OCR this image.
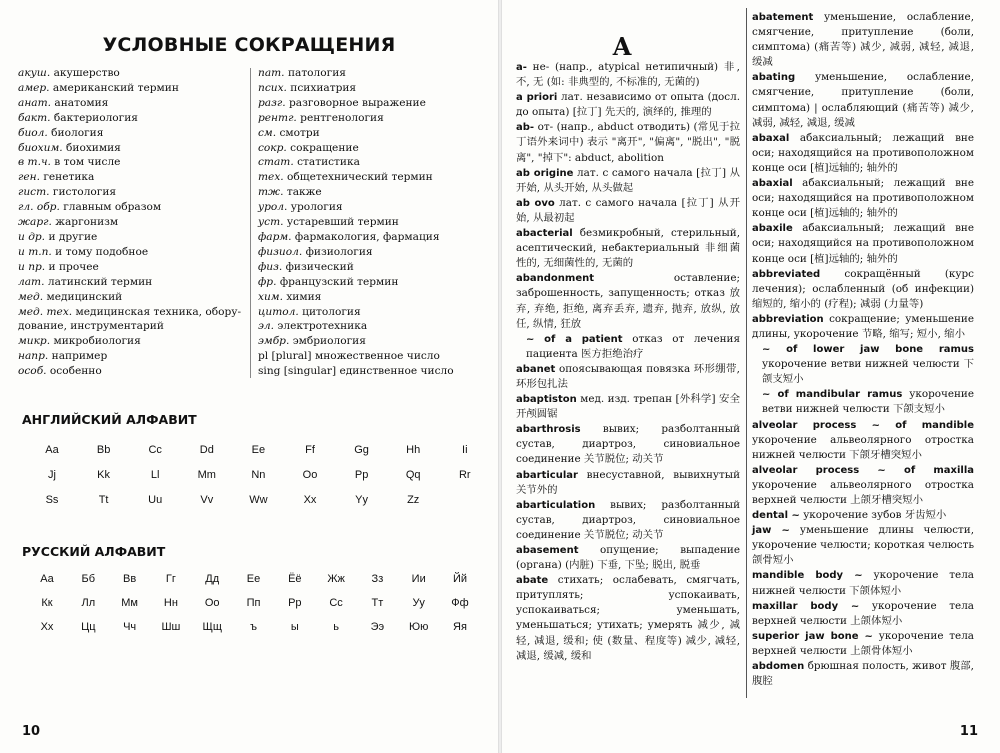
УСЛОВНЫЕ СОКРАЩЕНИЯ
акуш. акушерство
амер. американский термин
анат. анатомия
бакт. бактериология
биол. биология
биохим. биохимия
в т.ч. в том числе
ген. генетика
гист. гистология
гл. обр. главным образом
жарг. жаргонизм
и др. и другие
и т.п. и тому подобное
и пр. и прочее
лат. латинский термин
мед. медицинский
мед. тех. медицинская техника, обору-дование, инструментарий
микр. микробиология
напр. например
особ. особенно
пат. патология
псих. психиатрия
разг. разговорное выражение
рентг. рентгенология
см. смотри
сокр. сокращение
стат. статистика
тех. общетехнический термин
тж. также
урол. урология
уст. устаревший термин
фарм. фармакология, фармация
физиол. физиология
физ. физический
фр. французский термин
хим. химия
цитол. цитология
эл. электротехника
эмбр. эмбриология
pl [plural] множественное число
sing [singular] единственное число
АНГЛИЙСКИЙ АЛФАВИТ
Aa	Bb	Cc	Dd	Ee	Ff	Gg	Hh	Ii
Jj	Kk	Ll	Mm	Nn	Oo	Pp	Qq	Rr
Ss	Tt	Uu	Vv	Ww	Xx	Yy	Zz
РУССКИЙ АЛФАВИТ
Аа	Бб	Вв	Гг	Дд	Ее	Ёё	Жж	Зз	Ии	Йй
Кк	Лл	Мм	Нн	Оо	Пп	Рр	Сс	Тт	Уу	Фф
Хх	Цц	Чч	Шш	Щщ	ъ	ы	ь	Ээ	Юю	Яя
10
A
a- не- (напр., atypical нетипичный) 非, 不, 无 (如: 非典型的, 不标准的, 无菌的)
a priori лат. независимо от опыта (досл. до опыта) [拉丁] 先天的, 演绎的, 推理的
ab- от- (напр., abduct отводить) (常见于拉丁语外来词中) 表示 "离开", "偏离", "脱出", "脱离", "掉下": abduct, abolition
ab origine лат. с самого начала [拉丁] 从开始, 从头开始, 从头做起
ab ovo лат. с самого начала [拉丁] 从开始, 从最初起
abacterial безмикробный, стерильный, асептический, небактериальный 非细菌性的, 无细菌性的, 无菌的
abandonment оставление; заброшенность, запущенность; отказ 放弃, 弃绝, 拒绝, 离弃丢弃, 遗弃, 抛弃, 放纵, 放任, 纵情, 狂放
~ of a patient отказ от лечения пациента 医方拒绝治疗
abanet опоясывающая повязка 环形绷带, 环形包扎法
abaptiston мед. изд. трепан [外科学] 安全开颅圆锯
abarthrosis вывих; разболтанный сустав, диартроз, синовиальное соединение 关节脱位; 动关节
abarticular внесуставной, вывихнутый 关节外的
abarticulation вывих; разболтанный сустав, диартроз, синовиальное соединение 关节脱位; 动关节
abasement опущение; выпадение (органа) (内脏) 下垂, 下坠; 脱出, 脱垂
abate стихать; ослабевать, смягчать, притуплять; успокаивать, успокаиваться; уменьшать, уменьшаться; утихать; умерять 减少, 减轻, 减退, 缓和; 使 (数量、程度等) 减少, 减轻, 减退, 缓减, 缓和
abatement уменьшение, ослабление, смягчение, притупление (боли, симптома) (痛苦等) 减少, 减弱, 减轻, 减退, 缓减
abating уменьшение, ослабление, смягчение, притупление (боли, симптома) | ослабляющий (痛苦等) 减少, 减弱, 减轻, 减退, 缓减
abaxal абаксиальный; лежащий вне оси; находящийся на противоположном конце оси [植]远轴的; 轴外的
abaxial абаксиальный; лежащий вне оси; находящийся на противоположном конце оси [植]远轴的; 轴外的
abaxile абаксиальный; лежащий вне оси; находящийся на противоположном конце оси [植]远轴的; 轴外的
abbreviated сокращённый (курс лечения); ослабленный (об инфекции) 缩短的, 缩小的 (疗程); 减弱 (力量等)
abbreviation сокращение; уменьшение длины, укорочение 节略, 缩写; 短小, 缩小
~ of lower jaw bone ramus укорочение ветви нижней челюсти 下颌支短小
~ of mandibular ramus укорочение ветви нижней челюсти 下颌支短小
alveolar process ~ of mandible укорочение альвеолярного отростка нижней челюсти 下颌牙槽突短小
alveolar process ~ of maxilla укорочение альвеолярного отростка верхней челюсти 上颌牙槽突短小
dental ~ укорочение зубов 牙齿短小
jaw ~ уменьшение длины челюсти, укорочение челюсти; короткая челюсть 颌骨短小
mandible body ~ укорочение тела нижней челюсти 下颌体短小
maxillar body ~ укорочение тела верхней челюсти 上颌体短小
superior jaw bone ~ укорочение тела верхней челюсти 上颌骨体短小
abdomen брюшная полость, живот 腹部, 腹腔
11
